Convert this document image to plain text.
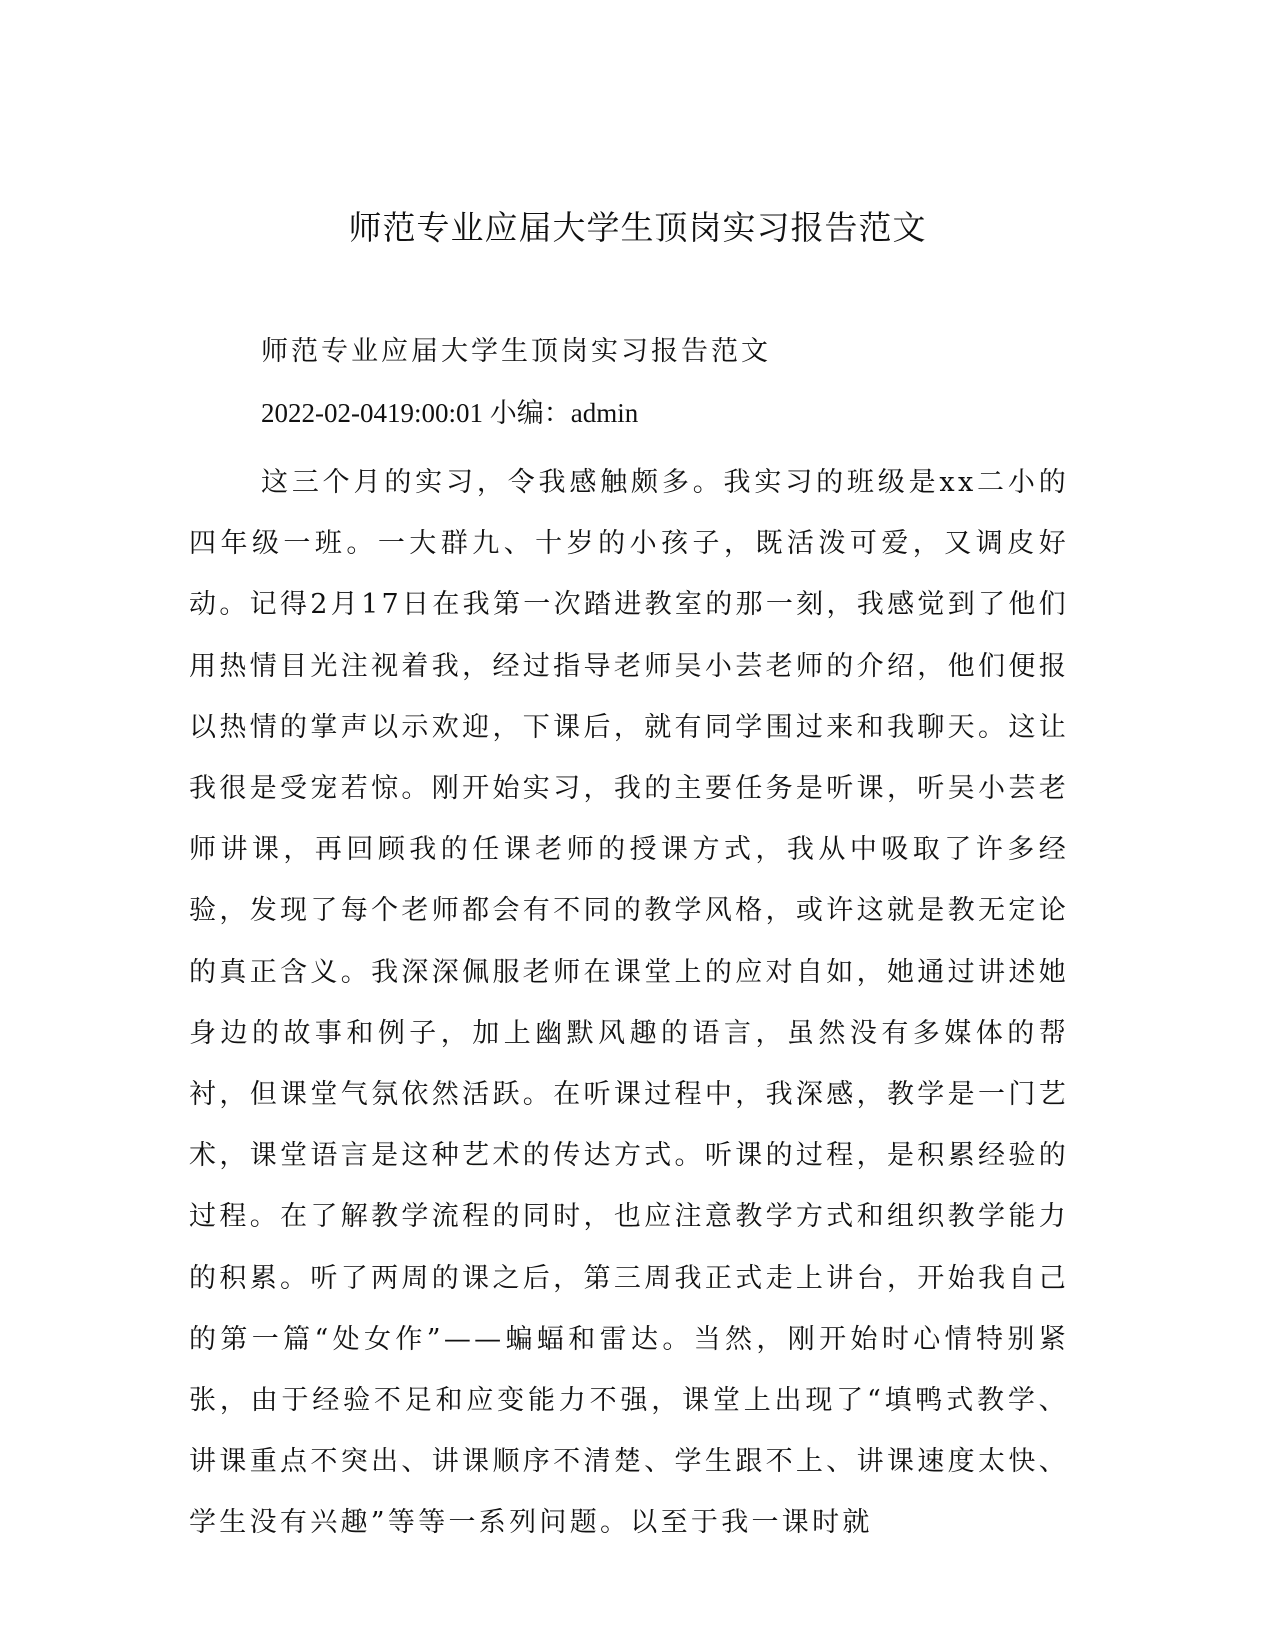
师范专业应届大学生顶岗实习报告范文

师范专业应届大学生顶岗实习报告范文

2022-02-0419:00:01 小编：admin

这三个月的实习，令我感触颇多。我实习的班级是xx二小的四年级一班。一大群九、十岁的小孩子，既活泼可爱，又调皮好动。记得2月17日在我第一次踏进教室的那一刻，我感觉到了他们用热情目光注视着我，经过指导老师吴小芸老师的介绍，他们便报以热情的掌声以示欢迎，下课后，就有同学围过来和我聊天。这让我很是受宠若惊。刚开始实习，我的主要任务是听课，听吴小芸老师讲课，再回顾我的任课老师的授课方式，我从中吸取了许多经验，发现了每个老师都会有不同的教学风格，或许这就是教无定论的真正含义。我深深佩服老师在课堂上的应对自如，她通过讲述她身边的故事和例子，加上幽默风趣的语言，虽然没有多媒体的帮衬，但课堂气氛依然活跃。在听课过程中，我深感，教学是一门艺术，课堂语言是这种艺术的传达方式。听课的过程，是积累经验的过程。在了解教学流程的同时，也应注意教学方式和组织教学能力的积累。听了两周的课之后，第三周我正式走上讲台，开始我自己的第一篇“处女作”——蝙蝠和雷达。当然，刚开始时心情特别紧张，由于经验不足和应变能力不强，课堂上出现了“填鸭式教学、讲课重点不突出、讲课顺序不清楚、学生跟不上、讲课速度太快、学生没有兴趣”等等一系列问题。以至于我一课时就
